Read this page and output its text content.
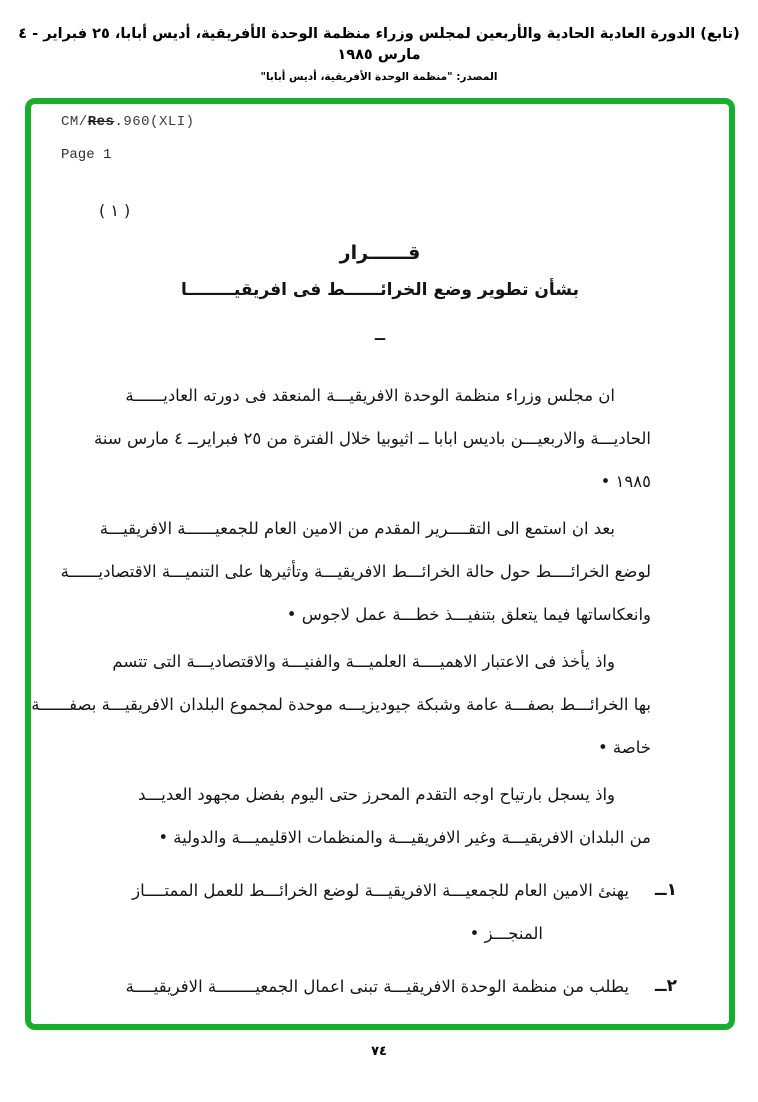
(تابع) الدورة العادية الحادية والأربعين لمجلس وزراء منظمة الوحدة الأفريقية، أديس أبابا، ٢٥ فبراير - ٤ مارس ١٩٨٥
المصدر: "منظمة الوحدة الأفريقية، أديس أبابا"
CM/Res.960(XLI)
Page 1
( ١ )
قــــــرار
بشأن تطوير وضع الخرائــــــط فى افريقيــــــــا
ــ
ان مجلس وزراء منظمة الوحدة الافريقيـــة المنعقد فى دورته العاديــــــة
الحاديـــة والاربعيـــن باديس ابابا ــ اثيوبيا خلال الفترة من ٢٥ فبرايرــ ٤ مارس سنة
١٩٨٥ •
بعد ان استمع الى التقــــرير المقدم من الامين العام للجمعيــــــة الافريقيـــة
لوضع الخرائــــط حول حالة الخرائـــط الافريقيـــة وتأثيرها على التنميـــة الاقتصاديــــــة
وانعكاساتها فيما يتعلق بتنفيـــذ خطـــة عمل لاجوس •
واذ يأخذ فى الاعتبار الاهميــــة العلميـــة والفنيـــة والاقتصاديـــة التى تتسم
بها الخرائـــط بصفـــة عامة وشبكة جيوديزيـــه موحدة لمجموع البلدان الافريقيـــة بصفــــــة
خاصة •
واذ يسجل بارتياح اوجه التقدم المحرز حتى اليوم بفضل مجهود العديـــد
من البلدان الافريقيـــة وغير الافريقيـــة والمنظمات الاقليميـــة والدولية •
١ــ
يهنئ الامين العام للجمعيـــة الافريقيـــة لوضع الخرائـــط للعمل الممتــــاز
المنجـــز •
٢ــ
يطلب من منظمة الوحدة الافريقيـــة تبنى اعمال الجمعيــــــــة الافريقيــــة
٧٤
